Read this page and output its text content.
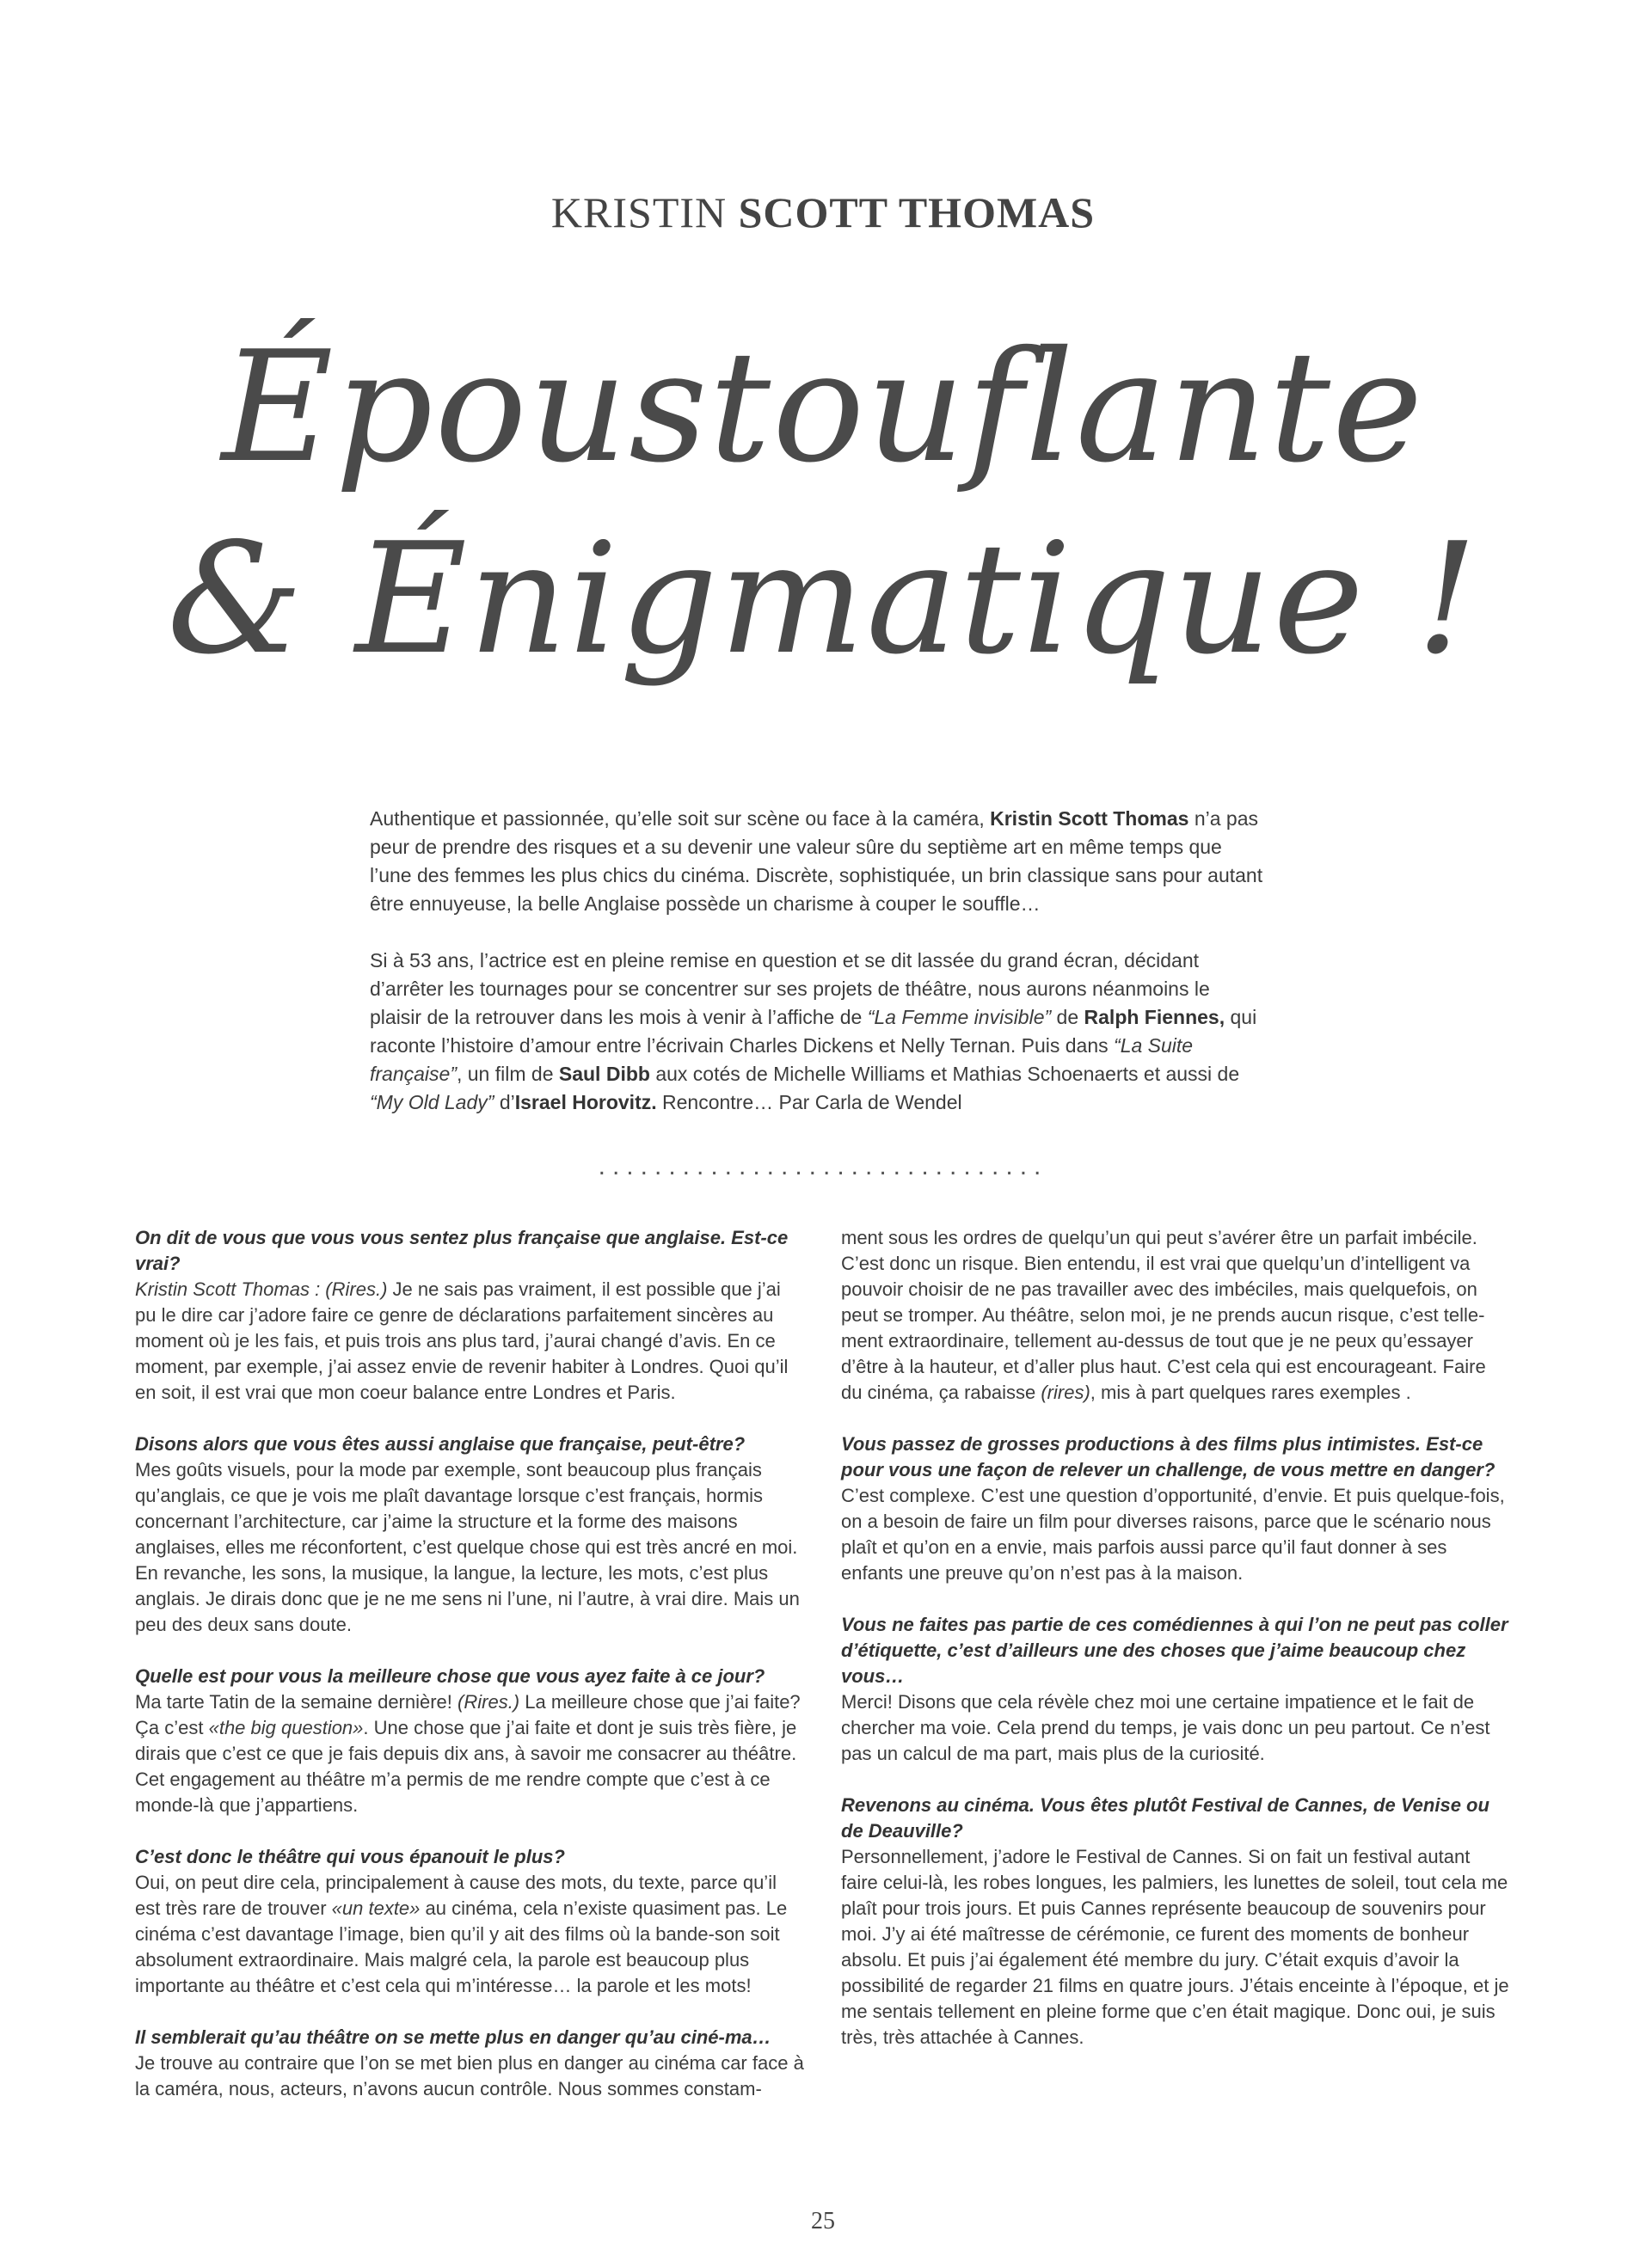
KRISTIN SCOTT THOMAS
Époustouflante
& Énigmatique !

Authentique et passionnée, qu’elle soit sur scène ou face à la caméra, Kristin Scott Thomas n’a pas peur de prendre des risques et a su devenir une valeur sûre du septième art en même temps que l’une des femmes les plus chics du cinéma. Discrète, sophistiquée, un brin classique sans pour autant être ennuyeuse, la belle Anglaise possède un charisme à couper le souffle…

Si à 53 ans, l’actrice est en pleine remise en question et se dit lassée du grand écran, décidant d’arrêter les tournages pour se concentrer sur ses projets de théâtre, nous aurons néanmoins le plaisir de la retrouver dans les mois à venir à l’affiche de “La Femme invisible” de Ralph Fiennes, qui raconte l’histoire d’amour entre l’écrivain Charles Dickens et Nelly Ternan. Puis dans “La Suite française”, un film de Saul Dibb aux cotés de Michelle Williams et Mathias Schoenaerts et aussi de “My Old Lady” d’Israel Horovitz. Rencontre… Par Carla de Wendel

................................
On dit de vous que vous vous sentez plus française que anglaise. Est-ce vrai?
Kristin Scott Thomas : (Rires.) Je ne sais pas vraiment, il est possible que j’ai pu le dire car j’adore faire ce genre de déclarations parfaitement sincères au moment où je les fais, et puis trois ans plus tard, j’aurai changé d’avis. En ce moment, par exemple, j’ai assez envie de revenir habiter à Londres. Quoi qu’il en soit, il est vrai que mon coeur balance entre Londres et Paris.
Disons alors que vous êtes aussi anglaise que française, peut-être?
Mes goûts visuels, pour la mode par exemple, sont beaucoup plus français qu’anglais, ce que je vois me plaît davantage lorsque c’est français, hormis concernant l’architecture, car j’aime la structure et la forme des maisons anglaises, elles me réconfortent, c’est quelque chose qui est très ancré en moi. En revanche, les sons, la musique, la langue, la lecture, les mots, c’est plus anglais. Je dirais donc que je ne me sens ni l’une, ni l’autre, à vrai dire. Mais un peu des deux sans doute.
Quelle est pour vous la meilleure chose que vous ayez faite à ce jour?
Ma tarte Tatin de la semaine dernière! (Rires.) La meilleure chose que j’ai faite? Ça c’est «the big question». Une chose que j’ai faite et dont je suis très fière, je dirais que c’est ce que je fais depuis dix ans, à savoir me consacrer au théâtre. Cet engagement au théâtre m’a permis de me rendre compte que c’est à ce monde-là que j’appartiens.
C’est donc le théâtre qui vous épanouit le plus?
Oui, on peut dire cela, principalement à cause des mots, du texte, parce qu’il est très rare de trouver «un texte» au cinéma, cela n’existe quasiment pas. Le cinéma c’est davantage l’image, bien qu’il y ait des films où la bande-son soit absolument extraordinaire. Mais malgré cela, la parole est beaucoup plus importante au théâtre et c’est cela qui m’intéresse… la parole et les mots!
Il semblerait qu’au théâtre on se mette plus en danger qu’au ciné-ma…
Je trouve au contraire que l’on se met bien plus en danger au cinéma car face à la caméra, nous, acteurs, n’avons aucun contrôle. Nous sommes constam-
ment sous les ordres de quelqu’un qui peut s’avérer être un parfait imbécile. C’est donc un risque. Bien entendu, il est vrai que quelqu’un d’intelligent va pouvoir choisir de ne pas travailler avec des imbéciles, mais quelquefois, on peut se tromper. Au théâtre, selon moi, je ne prends aucun risque, c’est telle-ment extraordinaire, tellement au-dessus de tout que je ne peux qu’essayer d’être à la hauteur, et d’aller plus haut. C’est cela qui est encourageant. Faire du cinéma, ça rabaisse (rires), mis à part quelques rares exemples .
Vous passez de grosses productions à des films plus intimistes. Est-ce pour vous une façon de relever un challenge, de vous mettre en danger?
C’est complexe. C’est une question d’opportunité, d’envie. Et puis quelque-fois, on a besoin de faire un film pour diverses raisons, parce que le scénario nous plaît et qu’on en a envie, mais parfois aussi parce qu’il faut donner à ses enfants une preuve qu’on n’est pas à la maison.
Vous ne faites pas partie de ces comédiennes à qui l’on ne peut pas coller d’étiquette, c’est d’ailleurs une des choses que j’aime beaucoup chez vous…
Merci! Disons que cela révèle chez moi une certaine impatience et le fait de chercher ma voie. Cela prend du temps, je vais donc un peu partout. Ce n’est pas un calcul de ma part, mais plus de la curiosité.
Revenons au cinéma. Vous êtes plutôt Festival de Cannes, de Venise ou de Deauville?
Personnellement, j’adore le Festival de Cannes. Si on fait un festival autant faire celui-là, les robes longues, les palmiers, les lunettes de soleil, tout cela me plaît pour trois jours. Et puis Cannes représente beaucoup de souvenirs pour moi. J’y ai été maîtresse de cérémonie, ce furent des moments de bonheur absolu. Et puis j’ai également été membre du jury. C’était exquis d’avoir la possibilité de regarder 21 films en quatre jours. J’étais enceinte à l’époque, et je me sentais tellement en pleine forme que c’en était magique. Donc oui, je suis très, très attachée à Cannes.
25
